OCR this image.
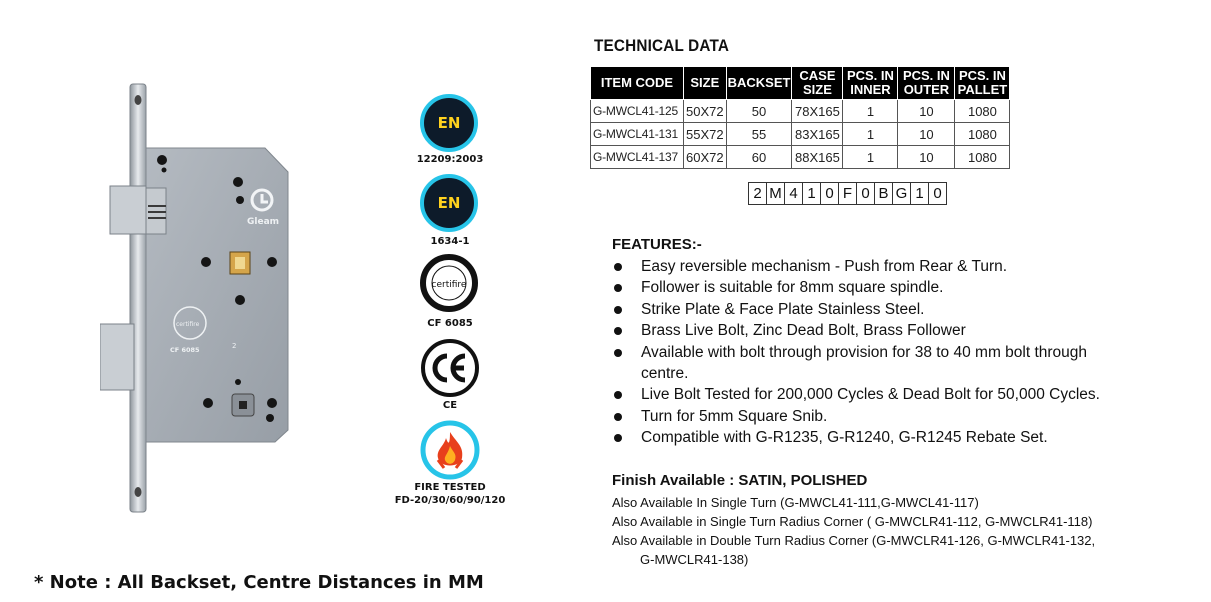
Gleam
certifire
CF 6085	2
EN
12209:2003
EN
1634-1
certifire
CF 6085
CE
FIRE TESTED
FD-20/30/60/90/120
TECHNICAL DATA
ITEM CODE	SIZE	BACKSET	CASE SIZE	PCS. IN INNER	PCS. IN OUTER	PCS. IN PALLET
G-MWCL41-125	50X72	50	78X165	1	10	1080
G-MWCL41-131	55X72	55	83X165	1	10	1080
G-MWCL41-137	60X72	60	88X165	1	10	1080
2 M 4 1 0 F 0 B G 1 0
FEATURES:-
Easy reversible mechanism - Push from Rear & Turn.
Follower is suitable for 8mm square spindle.
Strike Plate & Face Plate Stainless Steel.
Brass Live Bolt, Zinc Dead Bolt, Brass Follower
Available with bolt through provision for 38 to 40 mm bolt through centre.
Live Bolt Tested for 200,000 Cycles & Dead Bolt for 50,000 Cycles.
Turn for 5mm Square Snib.
Compatible with G-R1235, G-R1240, G-R1245 Rebate Set.
Finish Available : SATIN, POLISHED
Also Available In Single Turn (G-MWCL41-111,G-MWCL41-117)
Also Available in Single Turn Radius Corner ( G-MWCLR41-112, G-MWCLR41-118)
Also Available in Double Turn Radius Corner (G-MWCLR41-126, G-MWCLR41-132,
G-MWCLR41-138)
* Note : All Backset, Centre Distances in MM
